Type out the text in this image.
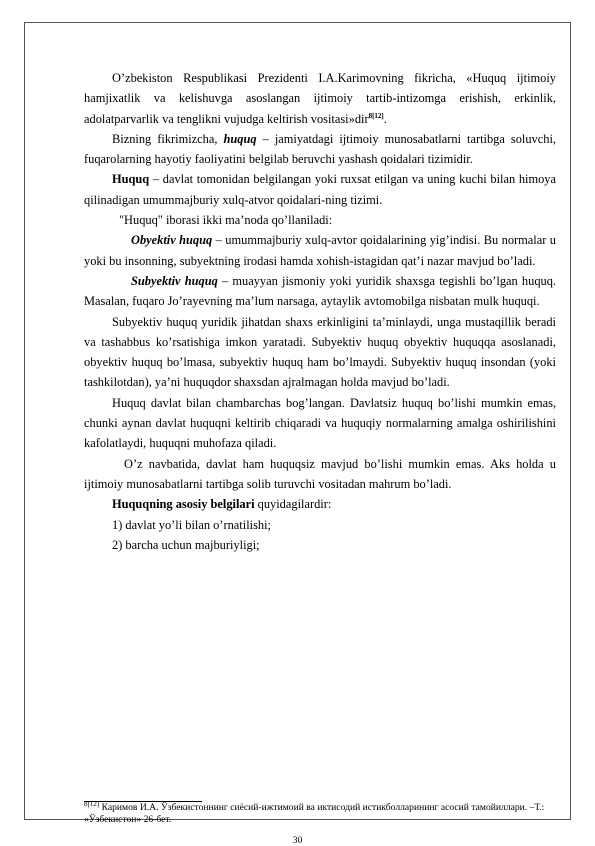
O’zbekiston Respublikasi Prezidenti I.A.Karimovning fikricha, «Huquq ijtimoiy hamjixatlik va kelishuvga asoslangan ijtimoiy tartib-intizomga erishish, erkinlik, adolatparvarlik va tenglikni vujudga keltirish vositasi»dir$^{8[12]}$.

Bizning fikrimizcha, huquq – jamiyatdagi ijtimoiy munosabatlarni tartibga soluvchi, fuqarolarning hayotiy faoliyatini belgilab beruvchi yashash qoidalari tizimidir.

Huquq – davlat tomonidan belgilangan yoki ruxsat etilgan va uning kuchi bilan himoya qilinadigan umummajburiy xulq-atvor qoidalari-ning tizimi.

"Huquq" iborasi ikki ma’noda qo’llaniladi:

Obyektiv huquq – umummajburiy xulq-avtor qoidalarining yig’indisi. Bu normalar u yoki bu insonning, subyektning irodasi hamda xohish-istagidan qat’i nazar mavjud bo’ladi.

Subyektiv huquq – muayyan jismoniy yoki yuridik shaxsga tegishli bo’lgan huquq. Masalan, fuqaro Jo’rayevning ma’lum narsaga, aytaylik avtomobilga nisbatan mulk huquqi.

Subyektiv huquq yuridik jihatdan shaxs erkinligini ta’minlaydi, unga mustaqillik beradi va tashabbus ko’rsatishiga imkon yaratadi. Subyektiv huquq obyektiv huquqqa asoslanadi, obyektiv huquq bo’lmasa, subyektiv huquq ham bo’lmaydi. Subyektiv huquq insondan (yoki tashkilotdan), ya’ni huquqdor shaxsdan ajralmagan holda mavjud bo’ladi.

Huquq davlat bilan chambarchas bog’langan. Davlatsiz huquq bo’lishi mumkin emas, chunki aynan davlat huquqni keltirib chiqaradi va huquqiy normalarning amalga oshirilishini kafolatlaydi, huquqni muhofaza qiladi.

O’z navbatida, davlat ham huquqsiz mavjud bo’lishi mumkin emas. Aks holda u ijtimoiy munosabatlarni tartibga solib turuvchi vositadan mahrum bo’ladi.

Huquqning asosiy belgilari quyidagilardir:

1) davlat yo’li bilan o’rnatilishi;

2) barcha uchun majburiyligi;

$^{8[12]}$ Каримов И.А. Ўзбекистоннинг сиёсий-ижтимоий ва иктисодий истикболларининг асосий тамойиллари. –Т.: «Ўзбекистон» 26-бет.
30
